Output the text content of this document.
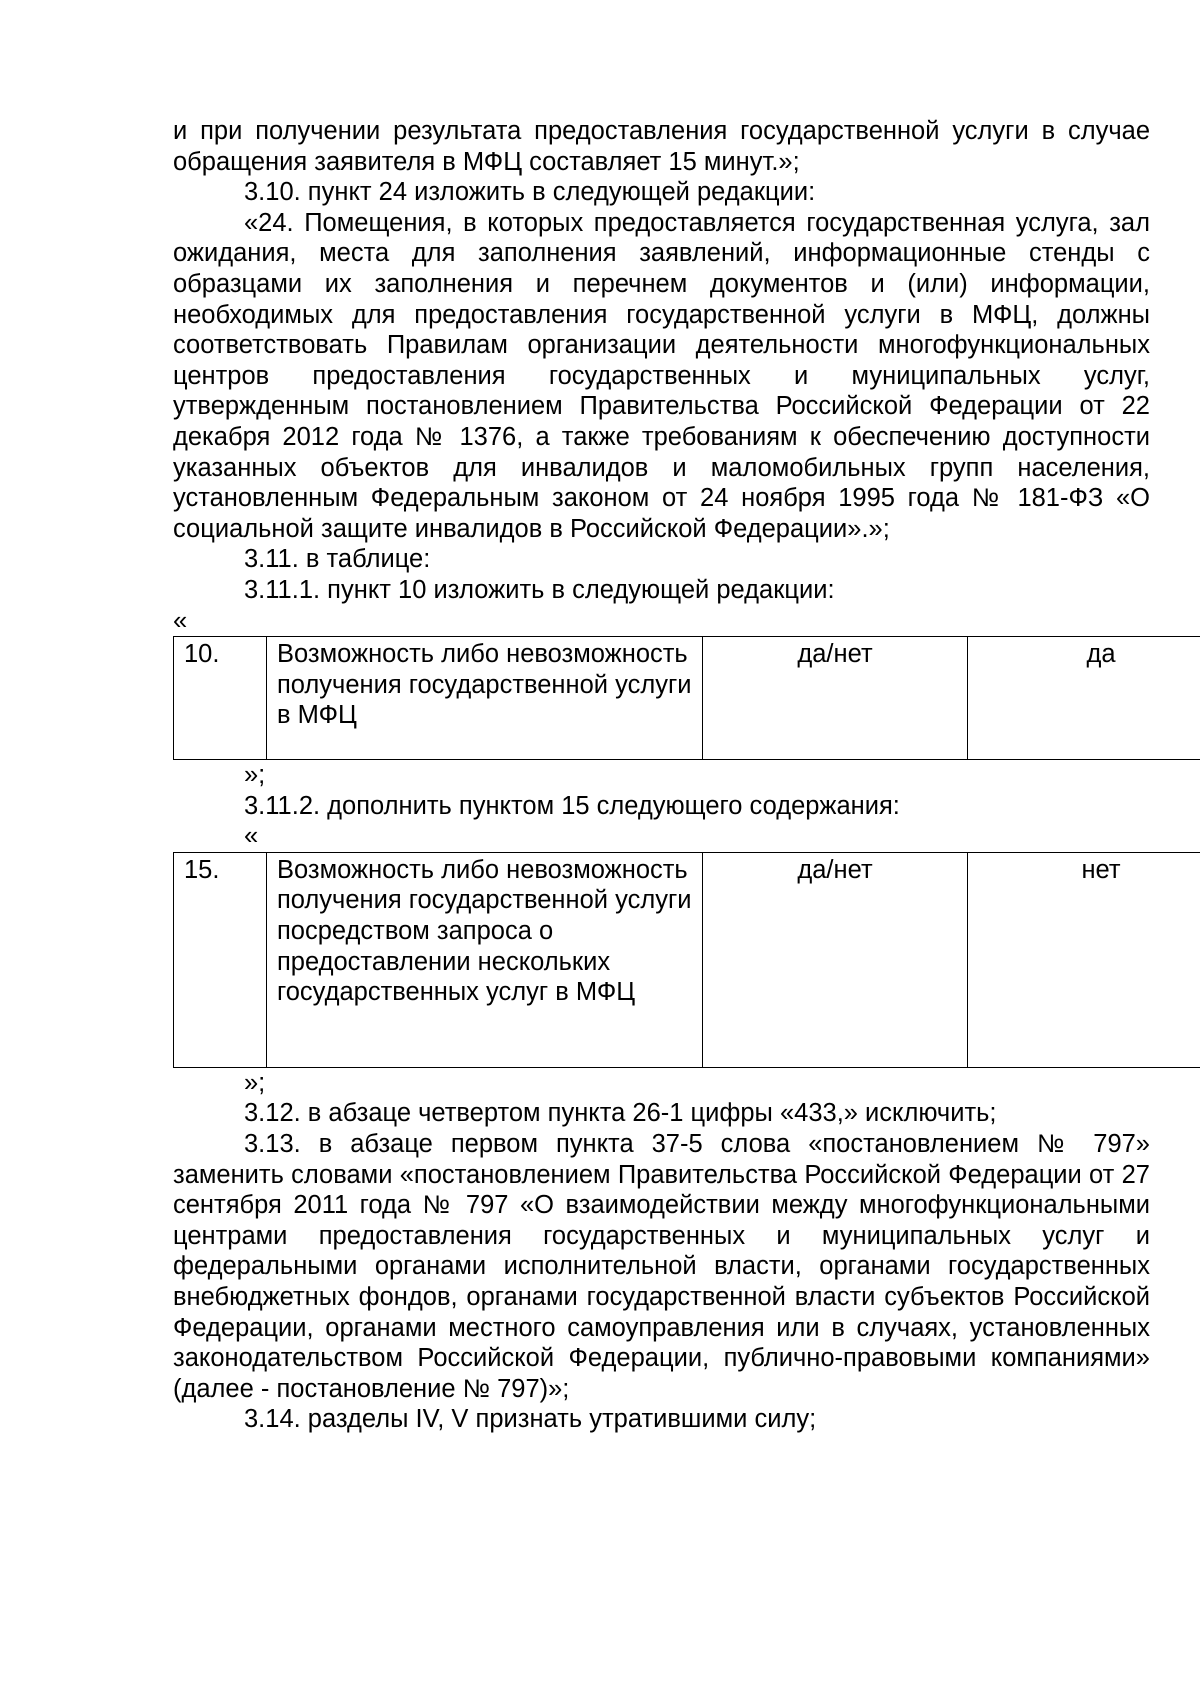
и при получении результата предоставления государственной услуги в случае обращения заявителя в МФЦ составляет 15 минут.»;

3.10. пункт 24 изложить в следующей редакции:

«24. Помещения, в которых предоставляется государственная услуга, зал ожидания, места для заполнения заявлений, информационные стенды с образцами их заполнения и перечнем документов и (или) информации, необходимых для предоставления государственной услуги в МФЦ, должны соответствовать Правилам организации деятельности многофункциональных центров предоставления государственных и муниципальных услуг, утвержденным постановлением Правительства Российской Федерации от 22 декабря 2012 года № 1376, а также требованиям к обеспечению доступности указанных объектов для инвалидов и маломобильных групп населения, установленным Федеральным законом от 24 ноября 1995 года № 181-ФЗ «О социальной защите инвалидов в Российской Федерации».»;

3.11. в таблице:

3.11.1. пункт 10 изложить в следующей редакции:

«

10.	Возможность либо невозможность получения государственной услуги в МФЦ	да/нет	да

»;

3.11.2. дополнить пунктом 15 следующего содержания:

«

15.	Возможность либо невозможность получения государственной услуги посредством запроса о предоставлении нескольких государственных услуг в МФЦ	да/нет	нет

»;

3.12. в абзаце четвертом пункта 26-1 цифры «433,» исключить;

3.13. в абзаце первом пункта 37-5 слова «постановлением № 797» заменить словами «постановлением Правительства Российской Федерации от 27 сентября 2011 года № 797 «О взаимодействии между многофункциональными центрами предоставления государственных и муниципальных услуг и федеральными органами исполнительной власти, органами государственных внебюджетных фондов, органами государственной власти субъектов Российской Федерации, органами местного самоуправления или в случаях, установленных законодательством Российской Федерации, публично-правовыми компаниями» (далее - постановление № 797)»;

3.14. разделы IV, V признать утратившими силу;
